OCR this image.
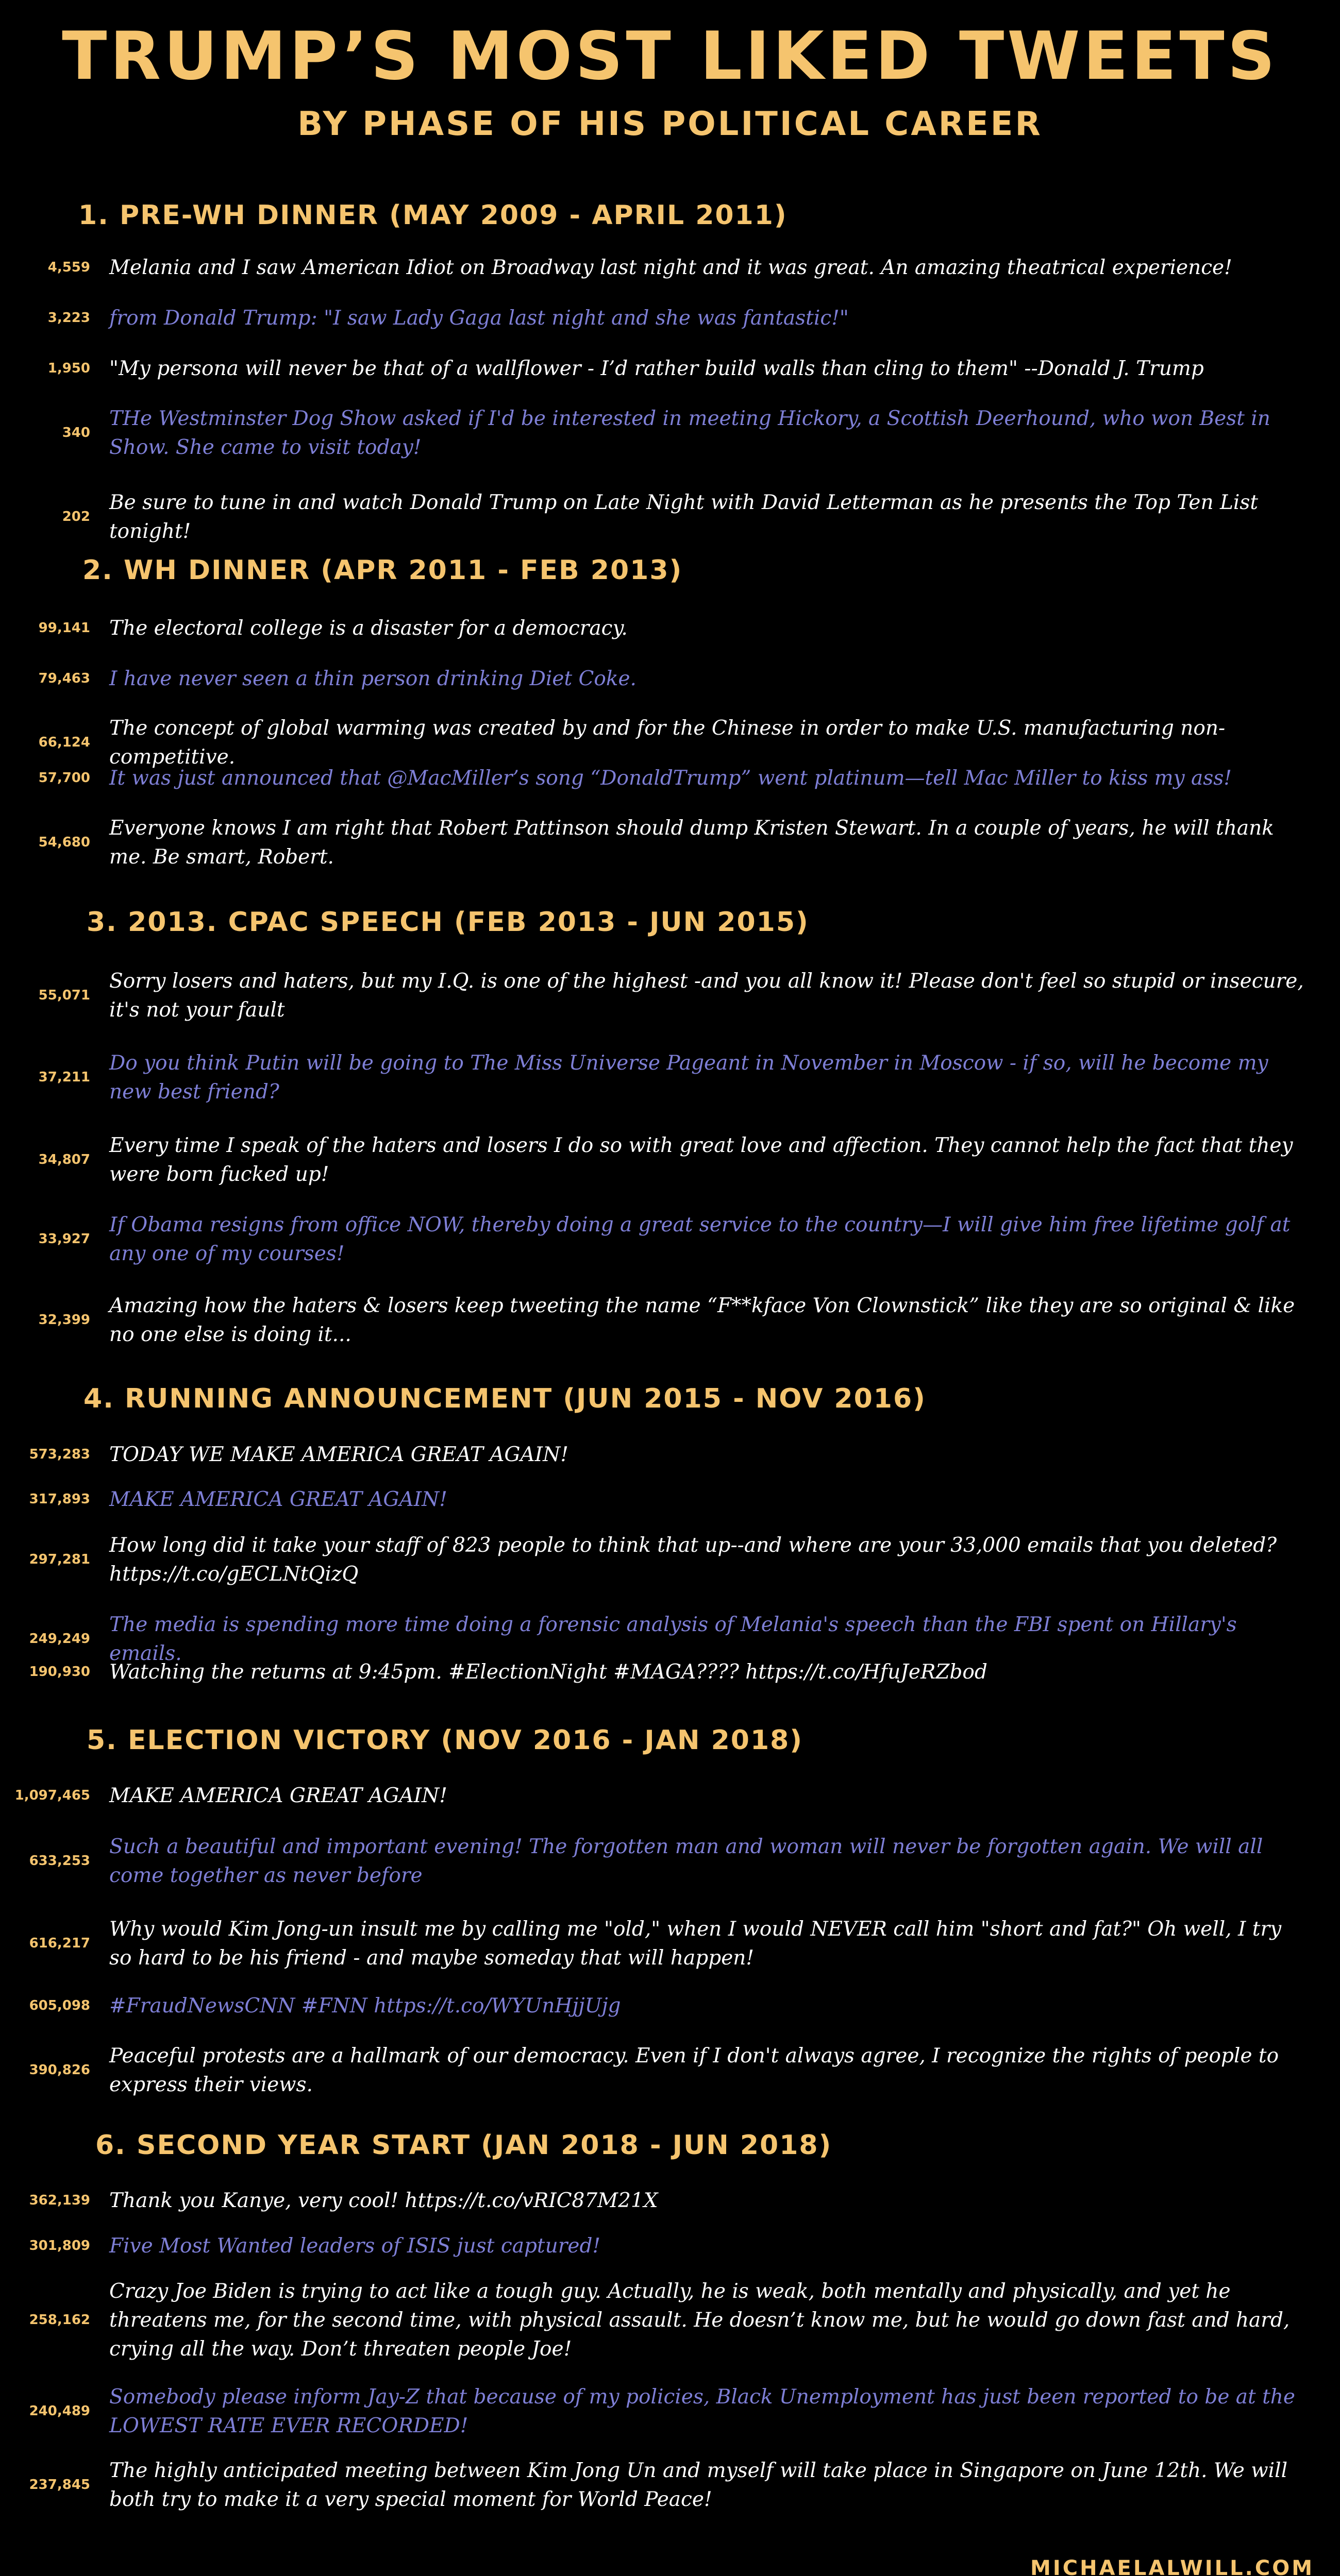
TRUMP’S MOST LIKED TWEETS
BY PHASE OF HIS POLITICAL CAREER
1. PRE-WH DINNER (MAY 2009 - APRIL 2011)
4,559 Melania and I saw American Idiot on Broadway last night and it was great. An amazing theatrical experience!
3,223 from Donald Trump: "I saw Lady Gaga last night and she was fantastic!"
1,950 "My persona will never be that of a wallflower - I’d rather build walls than cling to them" --Donald J. Trump
340
THe Westminster Dog Show asked if I'd be interested in meeting Hickory, a Scottish Deerhound, who won Best in Show. She came to visit today!
202
Be sure to tune in and watch Donald Trump on Late Night with David Letterman as he presents the Top Ten List tonight!
2. WH DINNER (APR 2011 - FEB 2013)
99,141 The electoral college is a disaster for a democracy.
79,463 I have never seen a thin person drinking Diet Coke.
66,124
The concept of global warming was created by and for the Chinese in order to make U.S. manufacturing non-competitive.
57,700 It was just announced that @MacMiller’s song “DonaldTrump” went platinum—tell Mac Miller to kiss my ass!
54,680
Everyone knows I am right that Robert Pattinson should dump Kristen Stewart. In a couple of years, he will thank me. Be smart, Robert.
3. 2013. CPAC SPEECH (FEB 2013 - JUN 2015)
55,071
Sorry losers and haters, but my I.Q. is one of the highest -and you all know it! Please don't feel so stupid or insecure, it's not your fault
37,211
Do you think Putin will be going to The Miss Universe Pageant in November in Moscow - if so, will he become my new best friend?
34,807
Every time I speak of the haters and losers I do so with great love and affection. They cannot help the fact that they were born fucked up!
33,927
If Obama resigns from office NOW, thereby doing a great service to the country—I will give him free lifetime golf at any one of my courses!
32,399
Amazing how the haters & losers keep tweeting the name “F**kface Von Clownstick” like they are so original & like no one else is doing it...
4. RUNNING ANNOUNCEMENT (JUN 2015 - NOV 2016)
573,283 TODAY WE MAKE AMERICA GREAT AGAIN!
317,893 MAKE AMERICA GREAT AGAIN!
297,281
How long did it take your staff of 823 people to think that up--and where are your 33,000 emails that you deleted? https://t.co/gECLNtQizQ
249,249
The media is spending more time doing a forensic analysis of Melania's speech than the FBI spent on Hillary's emails.
190,930 Watching the returns at 9:45pm. #ElectionNight #MAGA???? https://t.co/HfuJeRZbod
5. ELECTION VICTORY (NOV 2016 - JAN 2018)
1,097,465 MAKE AMERICA GREAT AGAIN!
633,253
Such a beautiful and important evening! The forgotten man and woman will never be forgotten again. We will all come together as never before
616,217
Why would Kim Jong-un insult me by calling me "old," when I would NEVER call him "short and fat?" Oh well, I try so hard to be his friend - and maybe someday that will happen!
605,098 #FraudNewsCNN #FNN https://t.co/WYUnHjjUjg
390,826
Peaceful protests are a hallmark of our democracy. Even if I don't always agree, I recognize the rights of people to express their views.
6. SECOND YEAR START (JAN 2018 - JUN 2018)
362,139 Thank you Kanye, very cool! https://t.co/vRIC87M21X
301,809 Five Most Wanted leaders of ISIS just captured!
258,162
Crazy Joe Biden is trying to act like a tough guy. Actually, he is weak, both mentally and physically, and yet he threatens me, for the second time, with physical assault. He doesn’t know me, but he would go down fast and hard, crying all the way. Don’t threaten people Joe!
240,489
Somebody please inform Jay-Z that because of my policies, Black Unemployment has just been reported to be at the LOWEST RATE EVER RECORDED!
237,845
The highly anticipated meeting between Kim Jong Un and myself will take place in Singapore on June 12th. We will both try to make it a very special moment for World Peace!
MICHAELALWILL.COM
